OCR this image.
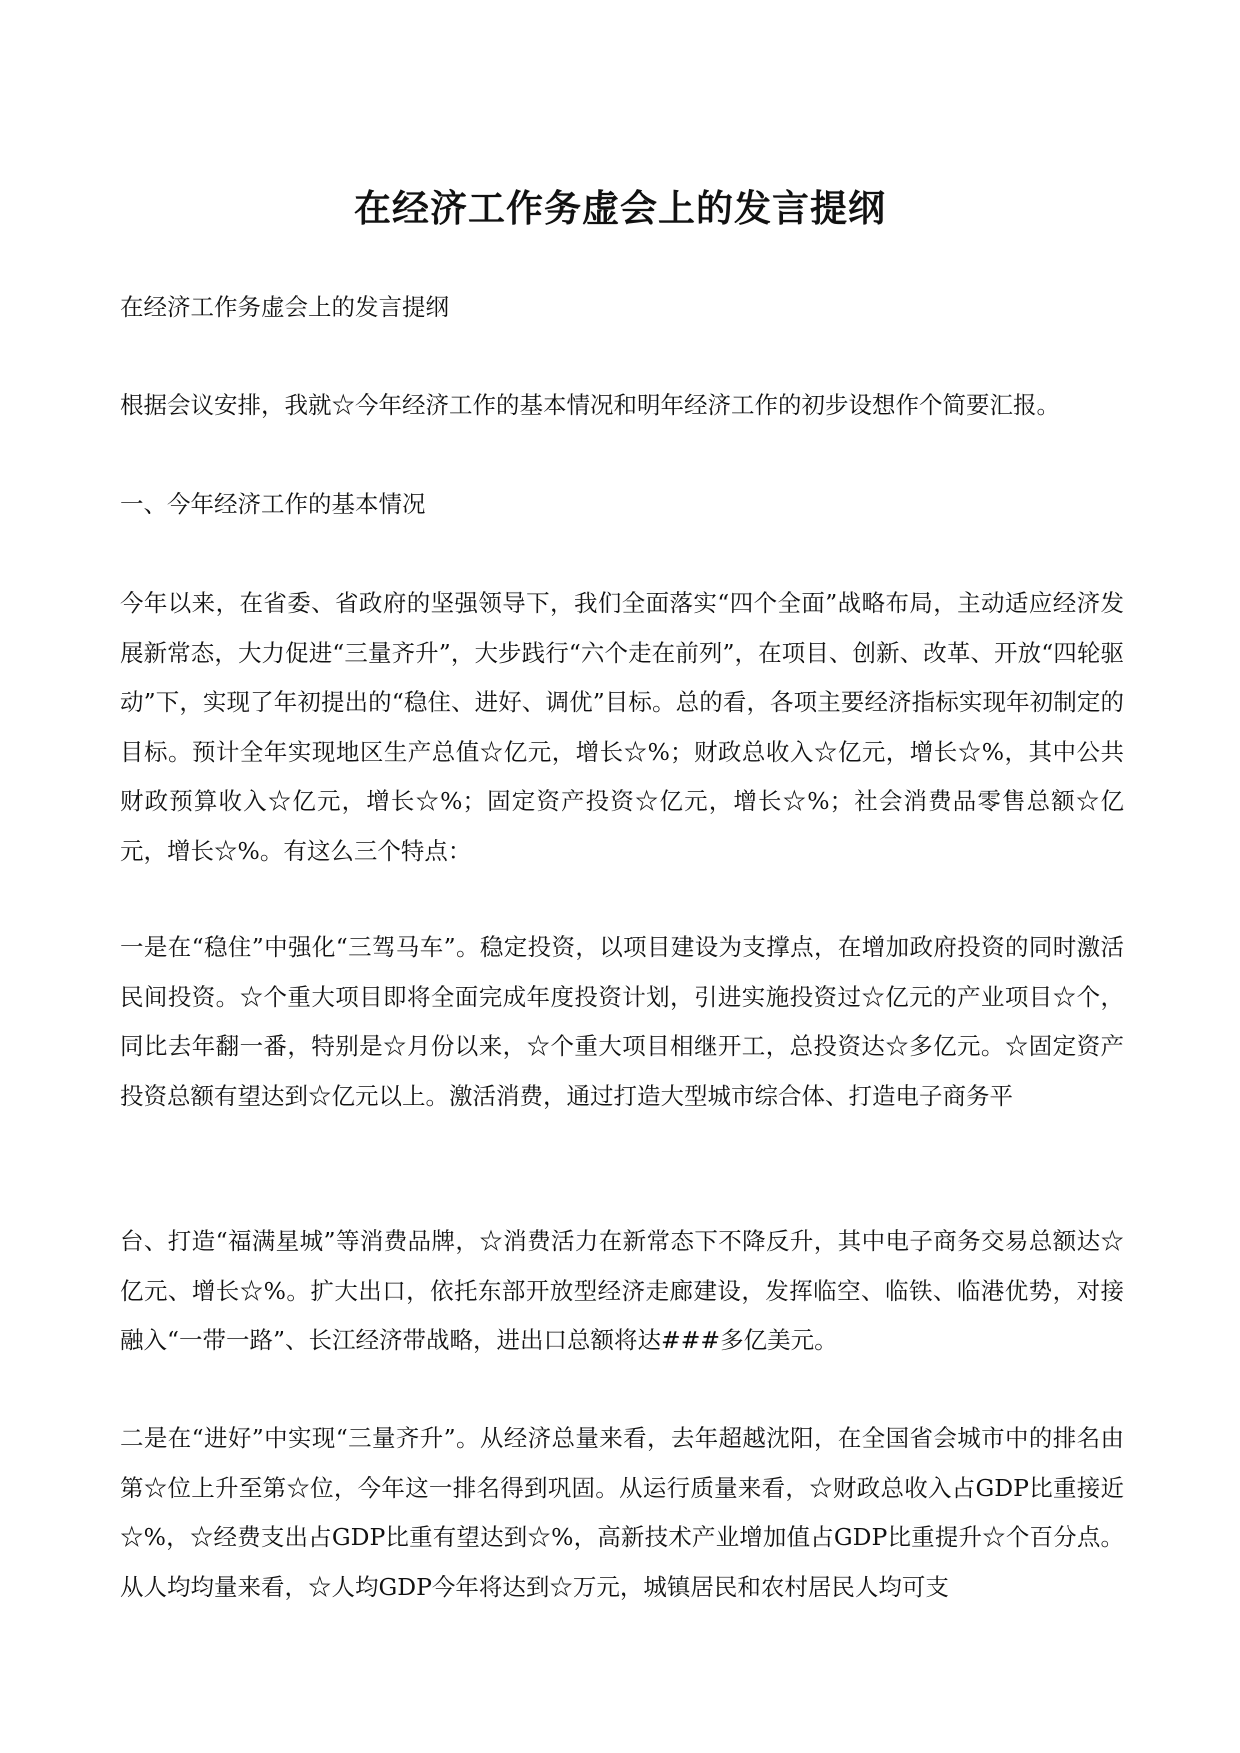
在经济工作务虚会上的发言提纲

在经济工作务虚会上的发言提纲

根据会议安排，我就☆今年经济工作的基本情况和明年经济工作的初步设想作个简要汇报。

一、今年经济工作的基本情况

今年以来，在省委、省政府的坚强领导下，我们全面落实“四个全面”战略布局，主动适应经济发展新常态，大力促进“三量齐升”，大步践行“六个走在前列”，在项目、创新、改革、开放“四轮驱动”下，实现了年初提出的“稳住、进好、调优”目标。总的看，各项主要经济指标实现年初制定的目标。预计全年实现地区生产总值☆亿元，增长☆%；财政总收入☆亿元，增长☆%，其中公共财政预算收入☆亿元，增长☆%；固定资产投资☆亿元，增长☆%；社会消费品零售总额☆亿元，增长☆%。有这么三个特点：

一是在“稳住”中强化“三驾马车”。稳定投资，以项目建设为支撑点，在增加政府投资的同时激活民间投资。☆个重大项目即将全面完成年度投资计划，引进实施投资过☆亿元的产业项目☆个，同比去年翻一番，特别是☆月份以来，☆个重大项目相继开工，总投资达☆多亿元。☆固定资产投资总额有望达到☆亿元以上。激活消费，通过打造大型城市综合体、打造电子商务平

台、打造“福满星城”等消费品牌，☆消费活力在新常态下不降反升，其中电子商务交易总额达☆亿元、增长☆%。扩大出口，依托东部开放型经济走廊建设，发挥临空、临铁、临港优势，对接融入“一带一路”、长江经济带战略，进出口总额将达###多亿美元。

二是在“进好”中实现“三量齐升”。从经济总量来看，去年超越沈阳，在全国省会城市中的排名由第☆位上升至第☆位，今年这一排名得到巩固。从运行质量来看，☆财政总收入占GDP比重接近☆%，☆经费支出占GDP比重有望达到☆%，高新技术产业增加值占GDP比重提升☆个百分点。从人均均量来看，☆人均GDP今年将达到☆万元，城镇居民和农村居民人均可支
